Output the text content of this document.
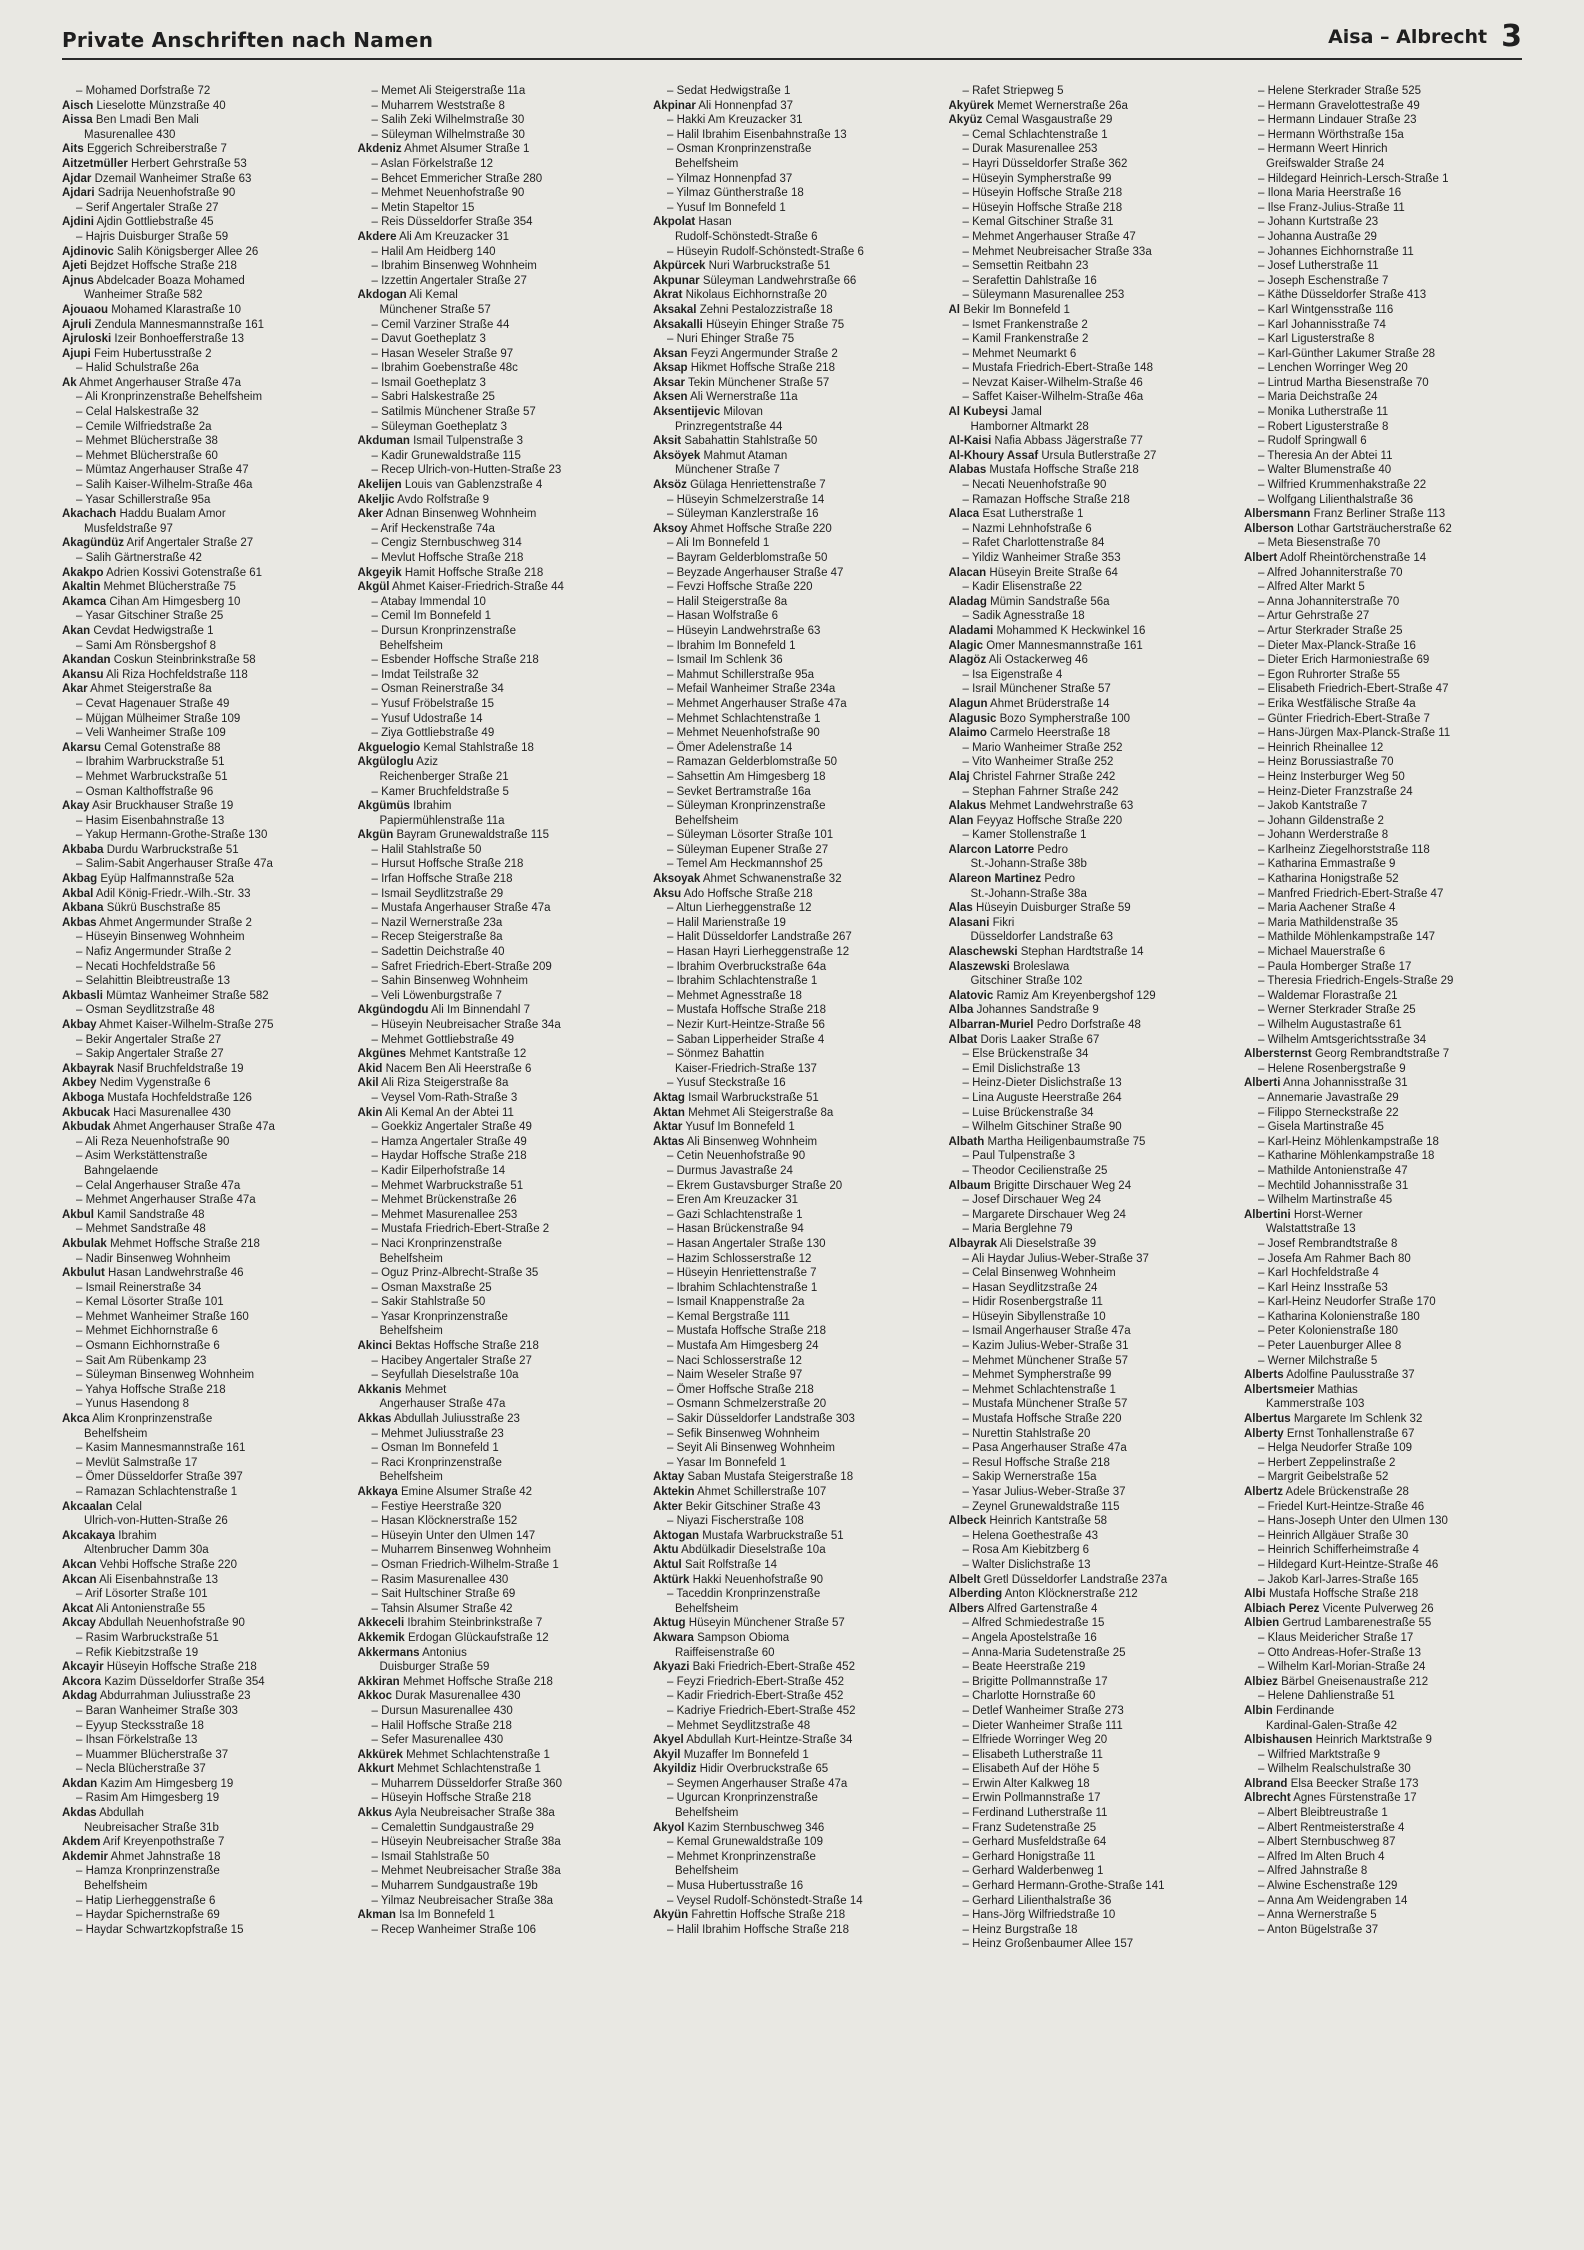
Private Anschriften nach Namen	Aisa – Albrecht 3
– Mohamed Dorfstraße 72
Aisch Lieselotte Münzstraße 40
Aissa Ben Lmadi Ben Mali
Masurenallee 430
Aits Eggerich Schreiberstraße 7
Aitzetmüller Herbert Gehrstraße 53
Ajdar Dzemail Wanheimer Straße 63
Ajdari Sadrija Neuenhofstraße 90
– Serif Angertaler Straße 27
Ajdini Ajdin Gottliebstraße 45
– Hajris Duisburger Straße 59
Ajdinovic Salih Königsberger Allee 26
Ajeti Bejdzet Hoffsche Straße 218
Ajnus Abdelcader Boaza Mohamed
Wanheimer Straße 582
Ajouaou Mohamed Klarastraße 10
Ajruli Zendula Mannesmannstraße 161
Ajruloski Izeir Bonhoefferstraße 13
Ajupi Feim Hubertusstraße 2
– Halid Schulstraße 26a
Ak Ahmet Angerhauser Straße 47a
– Ali Kronprinzenstraße Behelfsheim
– Celal Halskestraße 32
– Cemile Wilfriedstraße 2a
– Mehmet Blücherstraße 38
– Mehmet Blücherstraße 60
– Mümtaz Angerhauser Straße 47
– Salih Kaiser-Wilhelm-Straße 46a
– Yasar Schillerstraße 95a
Akachach Haddu Bualam Amor
Musfeldstraße 97
Akagündüz Arif Angertaler Straße 27
– Salih Gärtnerstraße 42
Akakpo Adrien Kossivi Gotenstraße 61
Akaltin Mehmet Blücherstraße 75
Akamca Cihan Am Himgesberg 10
– Yasar Gitschiner Straße 25
Akan Cevdat Hedwigstraße 1
– Sami Am Rönsbergshof 8
Akandan Coskun Steinbrinkstraße 58
Akansu Ali Riza Hochfeldstraße 118
Akar Ahmet Steigerstraße 8a
– Cevat Hagenauer Straße 49
– Müjgan Mülheimer Straße 109
– Veli Wanheimer Straße 109
Akarsu Cemal Gotenstraße 88
– Ibrahim Warbruckstraße 51
– Mehmet Warbruckstraße 51
– Osman Kalthoffstraße 96
Akay Asir Bruckhauser Straße 19
– Hasim Eisenbahnstraße 13
– Yakup Hermann-Grothe-Straße 130
Akbaba Durdu Warbruckstraße 51
– Salim-Sabit Angerhauser Straße 47a
Akbag Eyüp Halfmannstraße 52a
Akbal Adil König-Friedr.-Wilh.-Str. 33
Akbana Sükrü Buschstraße 85
Akbas Ahmet Angermunder Straße 2
– Hüseyin Binsenweg Wohnheim
– Nafiz Angermunder Straße 2
– Necati Hochfeldstraße 56
– Selahittin Bleibtreustraße 13
Akbasli Mümtaz Wanheimer Straße 582
– Osman Seydlitzstraße 48
Akbay Ahmet Kaiser-Wilhelm-Straße 275
– Bekir Angertaler Straße 27
– Sakip Angertaler Straße 27
Akbayrak Nasif Bruchfeldstraße 19
Akbey Nedim Vygenstraße 6
Akboga Mustafa Hochfeldstraße 126
Akbucak Haci Masurenallee 430
Akbudak Ahmet Angerhauser Straße 47a
– Ali Reza Neuenhofstraße 90
– Asim Werkstättenstraße
Bahngelaende
– Celal Angerhauser Straße 47a
– Mehmet Angerhauser Straße 47a
Akbul Kamil Sandstraße 48
– Mehmet Sandstraße 48
Akbulak Mehmet Hoffsche Straße 218
– Nadir Binsenweg Wohnheim
Akbulut Hasan Landwehrstraße 46
– Ismail Reinerstraße 34
– Kemal Lösorter Straße 101
– Mehmet Wanheimer Straße 160
– Mehmet Eichhornstraße 6
– Osmann Eichhornstraße 6
– Sait Am Rübenkamp 23
– Süleyman Binsenweg Wohnheim
– Yahya Hoffsche Straße 218
– Yunus Hasendong 8
Akca Alim Kronprinzenstraße
Behelfsheim
– Kasim Mannesmannstraße 161
– Mevlüt Salmstraße 17
– Ömer Düsseldorfer Straße 397
– Ramazan Schlachtenstraße 1
Akcaalan Celal
Ulrich-von-Hutten-Straße 26
Akcakaya Ibrahim
Altenbrucher Damm 30a
Akcan Vehbi Hoffsche Straße 220
Akcan Ali Eisenbahnstraße 13
– Arif Lösorter Straße 101
Akcat Ali Antonienstraße 55
Akcay Abdullah Neuenhofstraße 90
– Rasim Warbruckstraße 51
– Refik Kiebitzstraße 19
Akcayir Hüseyin Hoffsche Straße 218
Akcora Kazim Düsseldorfer Straße 354
Akdag Abdurrahman Juliusstraße 23
– Baran Wanheimer Straße 303
– Eyyup Stecksstraße 18
– Ihsan Förkelstraße 13
– Muammer Blücherstraße 37
– Necla Blücherstraße 37
Akdan Kazim Am Himgesberg 19
– Rasim Am Himgesberg 19
Akdas Abdullah
Neubreisacher Straße 31b
Akdem Arif Kreyenpothstraße 7
Akdemir Ahmet Jahnstraße 18
– Hamza Kronprinzenstraße
Behelfsheim
– Hatip Lierheggenstraße 6
– Haydar Spichernstraße 69
– Haydar Schwartzkopfstraße 15
– Memet Ali Steigerstraße 11a
– Muharrem Weststraße 8
– Salih Zeki Wilhelmstraße 30
– Süleyman Wilhelmstraße 30
Akdeniz Ahmet Alsumer Straße 1
– Aslan Förkelstraße 12
– Behcet Emmericher Straße 280
– Mehmet Neuenhofstraße 90
– Metin Stapeltor 15
– Reis Düsseldorfer Straße 354
Akdere Ali Am Kreuzacker 31
– Halil Am Heidberg 140
– Ibrahim Binsenweg Wohnheim
– Izzettin Angertaler Straße 27
Akdogan Ali Kemal
Münchener Straße 57
– Cemil Varziner Straße 44
– Davut Goetheplatz 3
– Hasan Weseler Straße 97
– Ibrahim Goebenstraße 48c
– Ismail Goetheplatz 3
– Sabri Halskestraße 25
– Satilmis Münchener Straße 57
– Süleyman Goetheplatz 3
Akduman Ismail Tulpenstraße 3
– Kadir Grunewaldstraße 115
– Recep Ulrich-von-Hutten-Straße 23
Akelijen Louis van Gablenzstraße 4
Akeljic Avdo Rolfstraße 9
Aker Adnan Binsenweg Wohnheim
– Arif Heckenstraße 74a
– Cengiz Sternbuschweg 314
– Mevlut Hoffsche Straße 218
Akgeyik Hamit Hoffsche Straße 218
Akgül Ahmet Kaiser-Friedrich-Straße 44
– Atabay Immendal 10
– Cemil Im Bonnefeld 1
– Dursun Kronprinzenstraße
Behelfsheim
– Esbender Hoffsche Straße 218
– Imdat Teilstraße 32
– Osman Reinerstraße 34
– Yusuf Fröbelstraße 15
– Yusuf Udostraße 14
– Ziya Gottliebstraße 49
Akguelogio Kemal Stahlstraße 18
Akgüloglu Aziz
Reichenberger Straße 21
– Kamer Bruchfeldstraße 5
Akgümüs Ibrahim
Papiermühlenstraße 11a
Akgün Bayram Grunewaldstraße 115
– Halil Stahlstraße 50
– Hursut Hoffsche Straße 218
– Irfan Hoffsche Straße 218
– Ismail Seydlitzstraße 29
– Mustafa Angerhauser Straße 47a
– Nazil Wernerstraße 23a
– Recep Steigerstraße 8a
– Sadettin Deichstraße 40
– Safret Friedrich-Ebert-Straße 209
– Sahin Binsenweg Wohnheim
– Veli Löwenburgstraße 7
Akgündogdu Ali Im Binnendahl 7
– Hüseyin Neubreisacher Straße 34a
– Mehmet Gottliebstraße 49
Akgünes Mehmet Kantstraße 12
Akid Nacem Ben Ali Heerstraße 6
Akil Ali Riza Steigerstraße 8a
– Veysel Vom-Rath-Straße 3
Akin Ali Kemal An der Abtei 11
– Goekkiz Angertaler Straße 49
– Hamza Angertaler Straße 49
– Haydar Hoffsche Straße 218
– Kadir Eilperhofstraße 14
– Mehmet Warbruckstraße 51
– Mehmet Brückenstraße 26
– Mehmet Masurenallee 253
– Mustafa Friedrich-Ebert-Straße 2
– Naci Kronprinzenstraße
Behelfsheim
– Oguz Prinz-Albrecht-Straße 35
– Osman Maxstraße 25
– Sakir Stahlstraße 50
– Yasar Kronprinzenstraße
Behelfsheim
Akinci Bektas Hoffsche Straße 218
– Hacibey Angertaler Straße 27
– Seyfullah Dieselstraße 10a
Akkanis Mehmet
Angerhauser Straße 47a
Akkas Abdullah Juliusstraße 23
– Mehmet Juliusstraße 23
– Osman Im Bonnefeld 1
– Raci Kronprinzenstraße
Behelfsheim
Akkaya Emine Alsumer Straße 42
– Festiye Heerstraße 320
– Hasan Klöcknerstraße 152
– Hüseyin Unter den Ulmen 147
– Muharrem Binsenweg Wohnheim
– Osman Friedrich-Wilhelm-Straße 1
– Rasim Masurenallee 430
– Sait Hultschiner Straße 69
– Tahsin Alsumer Straße 42
Akkeceli Ibrahim Steinbrinkstraße 7
Akkemik Erdogan Glückaufstraße 12
Akkermans Antonius
Duisburger Straße 59
Akkiran Mehmet Hoffsche Straße 218
Akkoc Durak Masurenallee 430
– Dursun Masurenallee 430
– Halil Hoffsche Straße 218
– Sefer Masurenallee 430
Akkürek Mehmet Schlachtenstraße 1
Akkurt Mehmet Schlachtenstraße 1
– Muharrem Düsseldorfer Straße 360
– Hüseyin Hoffsche Straße 218
Akkus Ayla Neubreisacher Straße 38a
– Cemalettin Sundgaustraße 29
– Hüseyin Neubreisacher Straße 38a
– Ismail Stahlstraße 50
– Mehmet Neubreisacher Straße 38a
– Muharrem Sundgaustraße 19b
– Yilmaz Neubreisacher Straße 38a
Akman Isa Im Bonnefeld 1
– Recep Wanheimer Straße 106
– Sedat Hedwigstraße 1
Akpinar Ali Honnenpfad 37
– Hakki Am Kreuzacker 31
– Halil Ibrahim Eisenbahnstraße 13
– Osman Kronprinzenstraße
Behelfsheim
– Yilmaz Honnenpfad 37
– Yilmaz Güntherstraße 18
– Yusuf Im Bonnefeld 1
Akpolat Hasan
Rudolf-Schönstedt-Straße 6
– Hüseyin Rudolf-Schönstedt-Straße 6
Akpürcek Nuri Warbruckstraße 51
Akpunar Süleyman Landwehrstraße 66
Akrat Nikolaus Eichhornstraße 20
Aksakal Zehni Pestalozzistraße 18
Aksakalli Hüseyin Ehinger Straße 75
– Nuri Ehinger Straße 75
Aksan Feyzi Angermunder Straße 2
Aksap Hikmet Hoffsche Straße 218
Aksar Tekin Münchener Straße 57
Aksen Ali Wernerstraße 11a
Aksentijevic Milovan
Prinzregentstraße 44
Aksit Sabahattin Stahlstraße 50
Aksöyek Mahmut Ataman
Münchener Straße 7
Aksöz Gülaga Henriettenstraße 7
– Hüseyin Schmelzerstraße 14
– Süleyman Kanzlerstraße 16
Aksoy Ahmet Hoffsche Straße 220
– Ali Im Bonnefeld 1
– Bayram Gelderblomstraße 50
– Beyzade Angerhauser Straße 47
– Fevzi Hoffsche Straße 220
– Halil Steigerstraße 8a
– Hasan Wolfstraße 6
– Hüseyin Landwehrstraße 63
– Ibrahim Im Bonnefeld 1
– Ismail Im Schlenk 36
– Mahmut Schillerstraße 95a
– Mefail Wanheimer Straße 234a
– Mehmet Angerhauser Straße 47a
– Mehmet Schlachtenstraße 1
– Mehmet Neuenhofstraße 90
– Ömer Adelenstraße 14
– Ramazan Gelderblomstraße 50
– Sahsettin Am Himgesberg 18
– Sevket Bertramstraße 16a
– Süleyman Kronprinzenstraße
Behelfsheim
– Süleyman Lösorter Straße 101
– Süleyman Eupener Straße 27
– Temel Am Heckmannshof 25
Aksoyak Ahmet Schwanenstraße 32
Aksu Ado Hoffsche Straße 218
– Altun Lierheggenstraße 12
– Halil Marienstraße 19
– Halit Düsseldorfer Landstraße 267
– Hasan Hayri Lierheggenstraße 12
– Ibrahim Overbruckstraße 64a
– Ibrahim Schlachtenstraße 1
– Mehmet Agnesstraße 18
– Mustafa Hoffsche Straße 218
– Nezir Kurt-Heintze-Straße 56
– Saban Lipperheider Straße 4
– Sönmez Bahattin
Kaiser-Friedrich-Straße 137
– Yusuf Steckstraße 16
Aktag Ismail Warbruckstraße 51
Aktan Mehmet Ali Steigerstraße 8a
Aktar Yusuf Im Bonnefeld 1
Aktas Ali Binsenweg Wohnheim
– Cetin Neuenhofstraße 90
– Durmus Javastraße 24
– Ekrem Gustavsburger Straße 20
– Eren Am Kreuzacker 31
– Gazi Schlachtenstraße 1
– Hasan Brückenstraße 94
– Hasan Angertaler Straße 130
– Hazim Schlosserstraße 12
– Hüseyin Henriettenstraße 7
– Ibrahim Schlachtenstraße 1
– Ismail Knappenstraße 2a
– Kemal Bergstraße 111
– Mustafa Hoffsche Straße 218
– Mustafa Am Himgesberg 24
– Naci Schlosserstraße 12
– Naim Weseler Straße 97
– Ömer Hoffsche Straße 218
– Osmann Schmelzerstraße 20
– Sakir Düsseldorfer Landstraße 303
– Sefik Binsenweg Wohnheim
– Seyit Ali Binsenweg Wohnheim
– Yasar Im Bonnefeld 1
Aktay Saban Mustafa Steigerstraße 18
Aktekin Ahmet Schillerstraße 107
Akter Bekir Gitschiner Straße 43
– Niyazi Fischerstraße 108
Aktogan Mustafa Warbruckstraße 51
Aktu Abdülkadir Dieselstraße 10a
Aktul Sait Rolfstraße 14
Aktürk Hakki Neuenhofstraße 90
– Taceddin Kronprinzenstraße
Behelfsheim
Aktug Hüseyin Münchener Straße 57
Akwara Sampson Obioma
Raiffeisenstraße 60
Akyazi Baki Friedrich-Ebert-Straße 452
– Feyzi Friedrich-Ebert-Straße 452
– Kadir Friedrich-Ebert-Straße 452
– Kadriye Friedrich-Ebert-Straße 452
– Mehmet Seydlitzstraße 48
Akyel Abdullah Kurt-Heintze-Straße 34
Akyil Muzaffer Im Bonnefeld 1
Akyildiz Hidir Overbruckstraße 65
– Seymen Angerhauser Straße 47a
– Ugurcan Kronprinzenstraße
Behelfsheim
Akyol Kazim Sternbuschweg 346
– Kemal Grunewaldstraße 109
– Mehmet Kronprinzenstraße
Behelfsheim
– Musa Hubertusstraße 16
– Veysel Rudolf-Schönstedt-Straße 14
Akyün Fahrettin Hoffsche Straße 218
– Halil Ibrahim Hoffsche Straße 218
– Rafet Striepweg 5
Akyürek Memet Wernerstraße 26a
Akyüz Cemal Wasgaustraße 29
– Cemal Schlachtenstraße 1
– Durak Masurenallee 253
– Hayri Düsseldorfer Straße 362
– Hüseyin Sympherstraße 99
– Hüseyin Hoffsche Straße 218
– Hüseyin Hoffsche Straße 218
– Kemal Gitschiner Straße 31
– Mehmet Angerhauser Straße 47
– Mehmet Neubreisacher Straße 33a
– Semsettin Reitbahn 23
– Serafettin Dahlstraße 16
– Süleymann Masurenallee 253
Al Bekir Im Bonnefeld 1
– Ismet Frankenstraße 2
– Kamil Frankenstraße 2
– Mehmet Neumarkt 6
– Mustafa Friedrich-Ebert-Straße 148
– Nevzat Kaiser-Wilhelm-Straße 46
– Saffet Kaiser-Wilhelm-Straße 46a
Al Kubeysi Jamal
Hamborner Altmarkt 28
Al-Kaisi Nafia Abbass Jägerstraße 77
Al-Khoury Assaf Ursula Butlerstraße 27
Alabas Mustafa Hoffsche Straße 218
– Necati Neuenhofstraße 90
– Ramazan Hoffsche Straße 218
Alaca Esat Lutherstraße 1
– Nazmi Lehnhofstraße 6
– Rafet Charlottenstraße 84
– Yildiz Wanheimer Straße 353
Alacan Hüseyin Breite Straße 64
– Kadir Elisenstraße 22
Aladag Mümin Sandstraße 56a
– Sadik Agnesstraße 18
Aladami Mohammed K Heckwinkel 16
Alagic Omer Mannesmannstraße 161
Alagöz Ali Ostackerweg 46
– Isa Eigenstraße 4
– Israil Münchener Straße 57
Alagun Ahmet Brüderstraße 14
Alagusic Bozo Sympherstraße 100
Alaimo Carmelo Heerstraße 18
– Mario Wanheimer Straße 252
– Vito Wanheimer Straße 252
Alaj Christel Fahrner Straße 242
– Stephan Fahrner Straße 242
Alakus Mehmet Landwehrstraße 63
Alan Feyyaz Hoffsche Straße 220
– Kamer Stollenstraße 1
Alarcon Latorre Pedro
St.-Johann-Straße 38b
Alareon Martinez Pedro
St.-Johann-Straße 38a
Alas Hüseyin Duisburger Straße 59
Alasani Fikri
Düsseldorfer Landstraße 63
Alaschewski Stephan Hardtstraße 14
Alaszewski Broleslawa
Gitschiner Straße 102
Alatovic Ramiz Am Kreyenbergshof 129
Alba Johannes Sandstraße 9
Albarran-Muriel Pedro Dorfstraße 48
Albat Doris Laaker Straße 67
– Else Brückenstraße 34
– Emil Dislichstraße 13
– Heinz-Dieter Dislichstraße 13
– Lina Auguste Heerstraße 264
– Luise Brückenstraße 34
– Wilhelm Gitschiner Straße 90
Albath Martha Heiligenbaumstraße 75
– Paul Tulpenstraße 3
– Theodor Cecilienstraße 25
Albaum Brigitte Dirschauer Weg 24
– Josef Dirschauer Weg 24
– Margarete Dirschauer Weg 24
– Maria Berglehne 79
Albayrak Ali Dieselstraße 39
– Ali Haydar Julius-Weber-Straße 37
– Celal Binsenweg Wohnheim
– Hasan Seydlitzstraße 24
– Hidir Rosenbergstraße 11
– Hüseyin Sibyllenstraße 10
– Ismail Angerhauser Straße 47a
– Kazim Julius-Weber-Straße 31
– Mehmet Münchener Straße 57
– Mehmet Sympherstraße 99
– Mehmet Schlachtenstraße 1
– Mustafa Münchener Straße 57
– Mustafa Hoffsche Straße 220
– Nurettin Stahlstraße 20
– Pasa Angerhauser Straße 47a
– Resul Hoffsche Straße 218
– Sakip Wernerstraße 15a
– Yasar Julius-Weber-Straße 37
– Zeynel Grunewaldstraße 115
Albeck Heinrich Kantstraße 58
– Helena Goethestraße 43
– Rosa Am Kiebitzberg 6
– Walter Dislichstraße 13
Albelt Gretl Düsseldorfer Landstraße 237a
Alberding Anton Klöcknerstraße 212
Albers Alfred Gartenstraße 4
– Alfred Schmiedestraße 15
– Angela Apostelstraße 16
– Anna-Maria Sudetenstraße 25
– Beate Heerstraße 219
– Brigitte Pollmannstraße 17
– Charlotte Hornstraße 60
– Detlef Wanheimer Straße 273
– Dieter Wanheimer Straße 111
– Elfriede Worringer Weg 20
– Elisabeth Lutherstraße 11
– Elisabeth Auf der Höhe 5
– Erwin Alter Kalkweg 18
– Erwin Pollmannstraße 17
– Ferdinand Lutherstraße 11
– Franz Sudetenstraße 25
– Gerhard Musfeldstraße 64
– Gerhard Honigstraße 11
– Gerhard Walderbenweg 1
– Gerhard Hermann-Grothe-Straße 141
– Gerhard Lilienthalstraße 36
– Hans-Jörg Wilfriedstraße 10
– Heinz Burgstraße 18
– Heinz Großenbaumer Allee 157
– Helene Sterkrader Straße 525
– Hermann Gravelottestraße 49
– Hermann Lindauer Straße 23
– Hermann Wörthstraße 15a
– Hermann Weert Hinrich
Greifswalder Straße 24
– Hildegard Heinrich-Lersch-Straße 1
– Ilona Maria Heerstraße 16
– Ilse Franz-Julius-Straße 11
– Johann Kurtstraße 23
– Johanna Austraße 29
– Johannes Eichhornstraße 11
– Josef Lutherstraße 11
– Joseph Eschenstraße 7
– Käthe Düsseldorfer Straße 413
– Karl Wintgensstraße 116
– Karl Johannisstraße 74
– Karl Ligusterstraße 8
– Karl-Günther Lakumer Straße 28
– Lenchen Worringer Weg 20
– Lintrud Martha Biesenstraße 70
– Maria Deichstraße 24
– Monika Lutherstraße 11
– Robert Ligusterstraße 8
– Rudolf Springwall 6
– Theresia An der Abtei 11
– Walter Blumenstraße 40
– Wilfried Krummenhakstraße 22
– Wolfgang Lilienthalstraße 36
Albersmann Franz Berliner Straße 113
Alberson Lothar Gartsträucherstraße 62
– Meta Biesenstraße 70
Albert Adolf Rheintörchenstraße 14
– Alfred Johanniterstraße 70
– Alfred Alter Markt 5
– Anna Johanniterstraße 70
– Artur Gehrstraße 27
– Artur Sterkrader Straße 25
– Dieter Max-Planck-Straße 16
– Dieter Erich Harmoniestraße 69
– Egon Ruhrorter Straße 55
– Elisabeth Friedrich-Ebert-Straße 47
– Erika Westfälische Straße 4a
– Günter Friedrich-Ebert-Straße 7
– Hans-Jürgen Max-Planck-Straße 11
– Heinrich Rheinallee 12
– Heinz Borussiastraße 70
– Heinz Insterburger Weg 50
– Heinz-Dieter Franzstraße 24
– Jakob Kantstraße 7
– Johann Gildenstraße 2
– Johann Werderstraße 8
– Karlheinz Ziegelhorststraße 118
– Katharina Emmastraße 9
– Katharina Honigstraße 52
– Manfred Friedrich-Ebert-Straße 47
– Maria Aachener Straße 4
– Maria Mathildenstraße 35
– Mathilde Möhlenkampstraße 147
– Michael Mauerstraße 6
– Paula Homberger Straße 17
– Theresia Friedrich-Engels-Straße 29
– Waldemar Florastraße 21
– Werner Sterkrader Straße 25
– Wilhelm Augustastraße 61
– Wilhelm Amtsgerichtsstraße 34
Albersternst Georg Rembrandtstraße 7
– Helene Rosenbergstraße 9
Alberti Anna Johannisstraße 31
– Annemarie Javastraße 29
– Filippo Sterneckstraße 22
– Gisela Martinstraße 45
– Karl-Heinz Möhlenkampstraße 18
– Katharine Möhlenkampstraße 18
– Mathilde Antonienstraße 47
– Mechtild Johannisstraße 31
– Wilhelm Martinstraße 45
Albertini Horst-Werner
Walstattstraße 13
– Josef Rembrandtstraße 8
– Josefa Am Rahmer Bach 80
– Karl Hochfeldstraße 4
– Karl Heinz Insstraße 53
– Karl-Heinz Neudorfer Straße 170
– Katharina Kolonienstraße 180
– Peter Kolonienstraße 180
– Peter Lauenburger Allee 8
– Werner Milchstraße 5
Alberts Adolfine Paulusstraße 37
Albertsmeier Mathias
Kammerstraße 103
Albertus Margarete Im Schlenk 32
Alberty Ernst Tonhallenstraße 67
– Helga Neudorfer Straße 109
– Herbert Zeppelinstraße 2
– Margrit Geibelstraße 52
Albertz Adele Brückenstraße 28
– Friedel Kurt-Heintze-Straße 46
– Hans-Joseph Unter den Ulmen 130
– Heinrich Allgäuer Straße 30
– Heinrich Schifferheimstraße 4
– Hildegard Kurt-Heintze-Straße 46
– Jakob Karl-Jarres-Straße 165
Albi Mustafa Hoffsche Straße 218
Albiach Perez Vicente Pulverweg 26
Albien Gertrud Lambarenestraße 55
– Klaus Meidericher Straße 17
– Otto Andreas-Hofer-Straße 13
– Wilhelm Karl-Morian-Straße 24
Albiez Bärbel Gneisenaustraße 212
– Helene Dahlienstraße 51
Albin Ferdinande
Kardinal-Galen-Straße 42
Albishausen Heinrich Marktstraße 9
– Wilfried Marktstraße 9
– Wilhelm Realschulstraße 30
Albrand Elsa Beecker Straße 173
Albrecht Agnes Fürstenstraße 17
– Albert Bleibtreustraße 1
– Albert Rentmeisterstraße 4
– Albert Sternbuschweg 87
– Alfred Im Alten Bruch 4
– Alfred Jahnstraße 8
– Alwine Eschenstraße 129
– Anna Am Weidengraben 14
– Anna Wernerstraße 5
– Anton Bügelstraße 37
